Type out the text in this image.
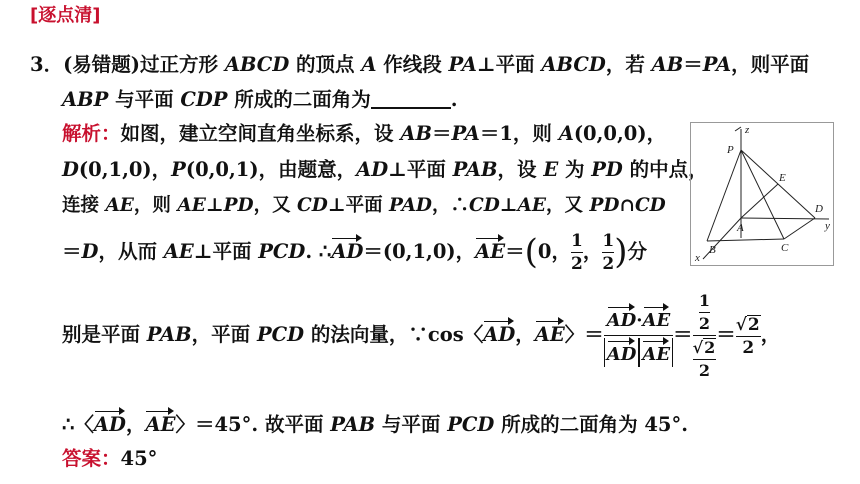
[逐点清]
3．(易错题)过正方形 ABCD 的顶点 A 作线段 PA⊥平面 ABCD，若 AB＝PA，则平面
ABP 与平面 CDP 所成的二面角为	.
解析：如图，建立空间直角坐标系，设 AB＝PA＝1，则 A(0,0,0)，
D(0,1,0)，P(0,0,1)，由题意，AD⊥平面 PAB，设 E 为 PD 的中点，
连接 AE，则 AE⊥PD，又 CD⊥平面 PAD，∴CD⊥AE，又 PD∩CD
＝D，从而 AE⊥平面 PCD. ∴AD＝(0,1,0)，AE＝(0， $\frac{1}{2}$ ， $\frac{1}{2}$ )分
别是平面 PAB，平面 PCD 的法向量，∵cos〈AD，AE〉＝ $\frac{AD\cdot AE}{\text{AD AE}} = \frac{\frac{1}{2}}{\frac{√2}{2}} = \frac{√2}{2}$ ，
∴〈AD，AE〉＝45°. 故平面 PAB 与平面 PCD 所成的二面角为 45°.
答案：45°
z
P
E
A
D
y
B	C
x
